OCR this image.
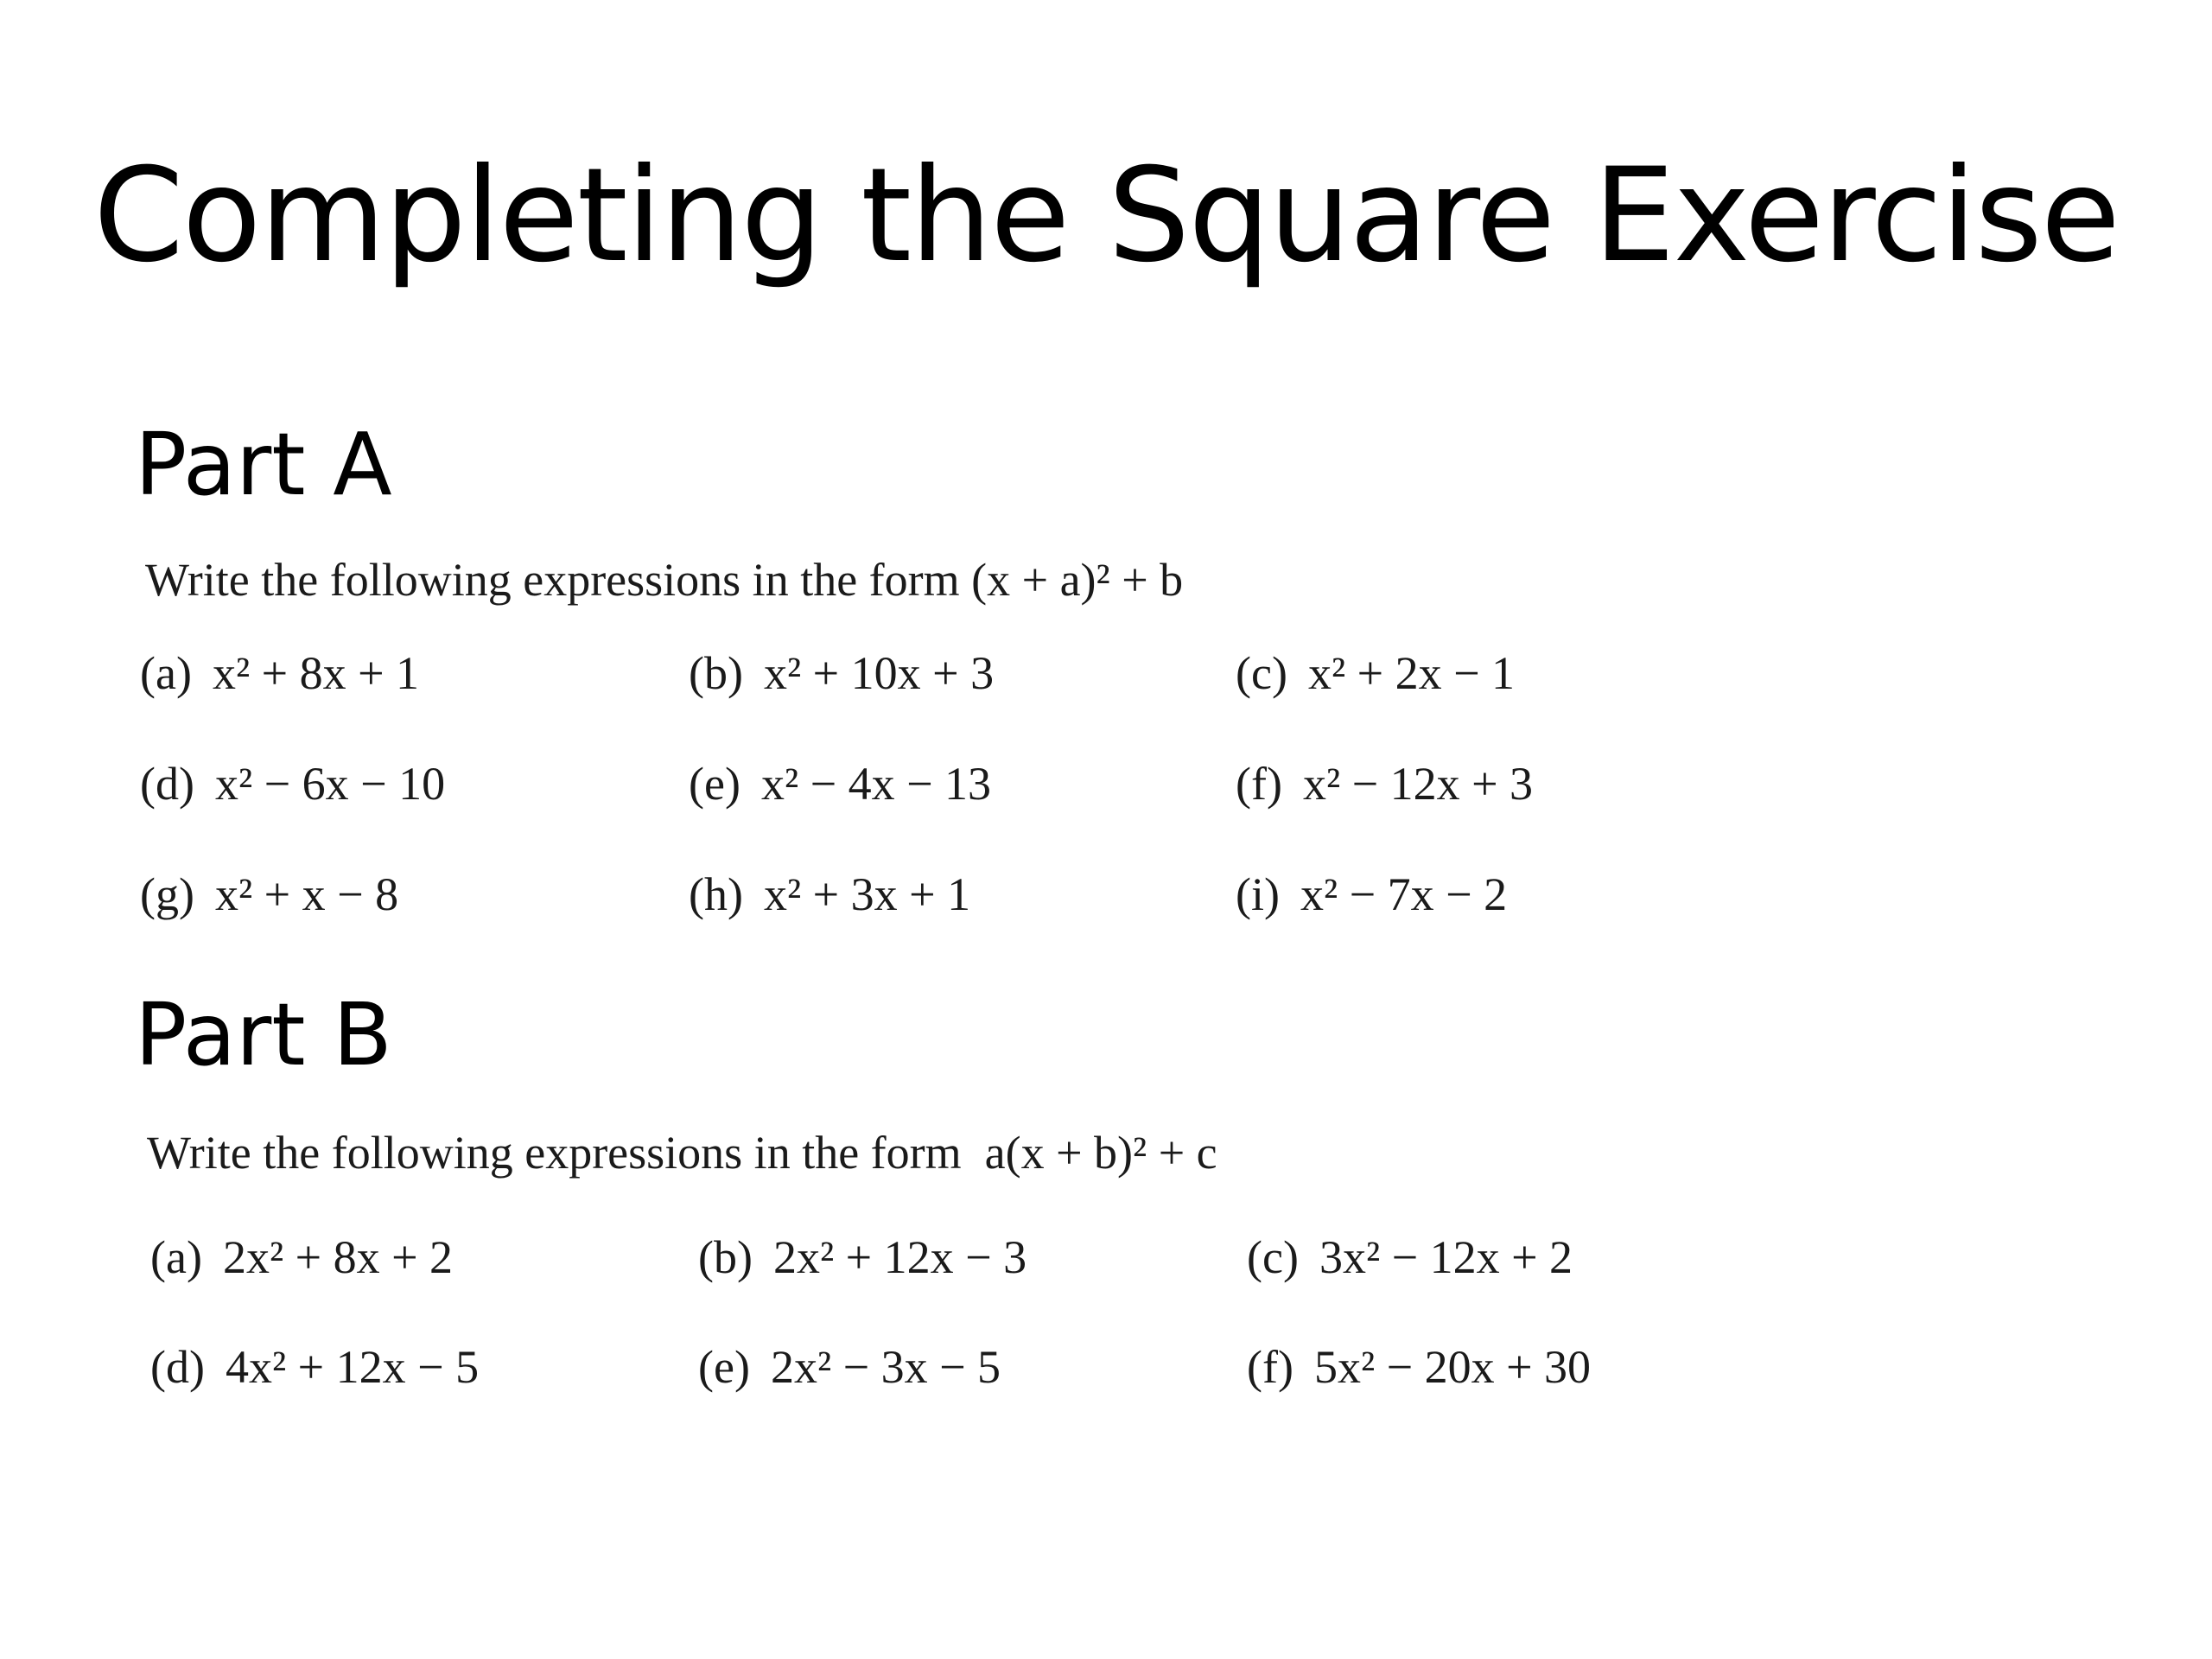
Completing the Square Exercise
Part A
Write the following expressions in the form (x + a)² + b
(a) x² + 8x + 1	(b) x² + 10x + 3	(c) x² + 2x − 1
(d) x² − 6x − 10	(e) x² − 4x − 13	(f) x² − 12x + 3
(g) x² + x − 8	(h) x² + 3x + 1	(i) x² − 7x − 2
Part B
Write the following expressions in the form  a(x + b)² + c
(a) 2x² + 8x + 2	(b) 2x² + 12x − 3	(c) 3x² − 12x + 2
(d) 4x² + 12x − 5	(e) 2x² − 3x − 5	(f) 5x² − 20x + 30
